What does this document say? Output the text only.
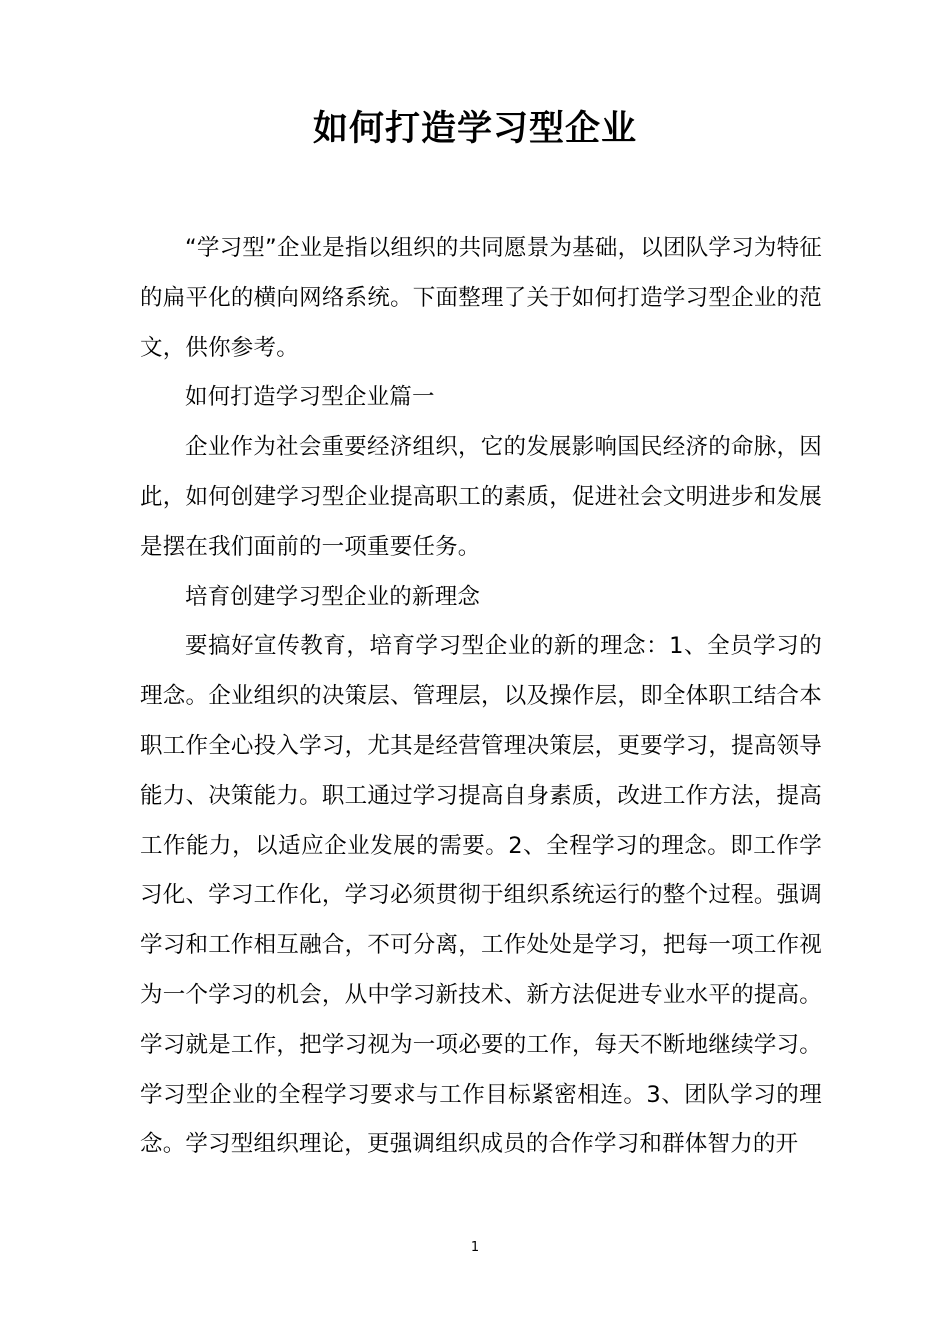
如何打造学习型企业

“学习型”企业是指以组织的共同愿景为基础，以团队学习为特征的扁平化的横向网络系统。下面整理了关于如何打造学习型企业的范文，供你参考。

如何打造学习型企业篇一

企业作为社会重要经济组织，它的发展影响国民经济的命脉，因此，如何创建学习型企业提高职工的素质，促进社会文明进步和发展是摆在我们面前的一项重要任务。

培育创建学习型企业的新理念

要搞好宣传教育，培育学习型企业的新的理念：1、全员学习的理念。企业组织的决策层、管理层，以及操作层，即全体职工结合本职工作全心投入学习，尤其是经营管理决策层，更要学习，提高领导能力、决策能力。职工通过学习提高自身素质，改进工作方法，提高工作能力，以适应企业发展的需要。2、全程学习的理念。即工作学习化、学习工作化，学习必须贯彻于组织系统运行的整个过程。强调学习和工作相互融合，不可分离，工作处处是学习，把每一项工作视为一个学习的机会，从中学习新技术、新方法促进专业水平的提高。学习就是工作，把学习视为一项必要的工作，每天不断地继续学习。学习型企业的全程学习要求与工作目标紧密相连。3、团队学习的理念。学习型组织理论，更强调组织成员的合作学习和群体智力的开

1
